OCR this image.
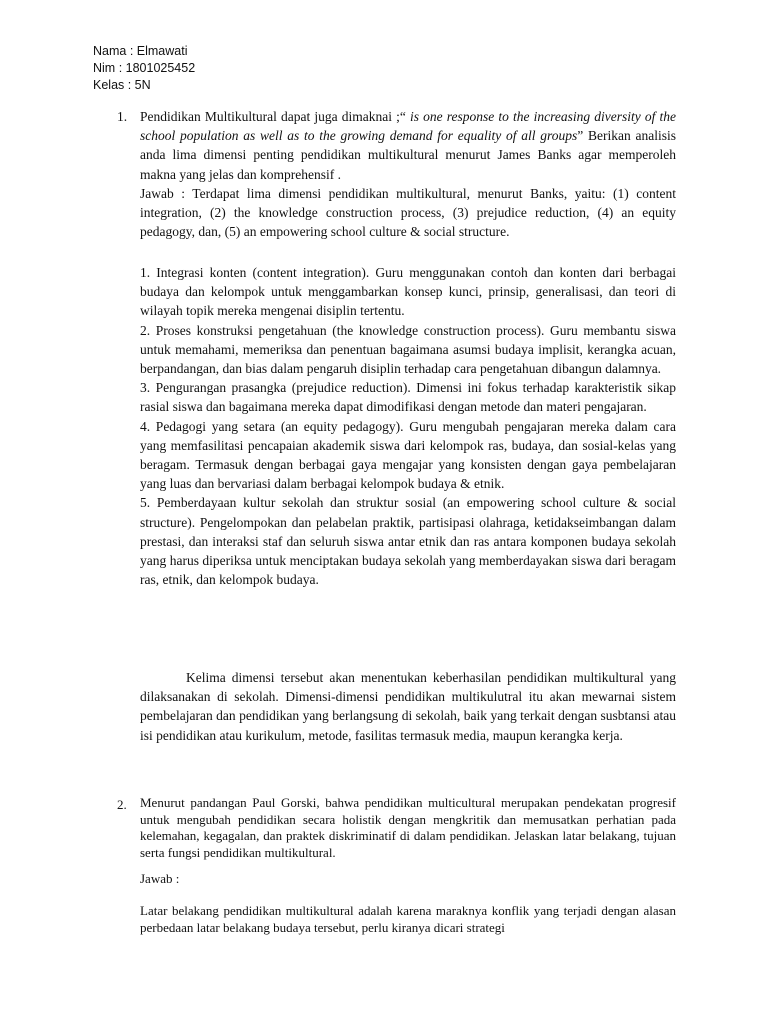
Nama : Elmawati
Nim : 1801025452
Kelas : 5N
1. Pendidikan Multikultural dapat juga dimaknai ;“ is one response to the increasing diversity of the school population as well as to the growing demand for equality of all groups” Berikan analisis anda lima dimensi penting pendidikan multikultural menurut James Banks agar memperoleh makna yang jelas dan komprehensif .

Jawab : Terdapat lima dimensi pendidikan multikultural, menurut Banks, yaitu: (1) content integration, (2) the knowledge construction process, (3) prejudice reduction, (4) an equity pedagogy, dan, (5) an empowering school culture & social structure.

1. Integrasi konten (content integration). Guru menggunakan contoh dan konten dari berbagai budaya dan kelompok untuk menggambarkan konsep kunci, prinsip, generalisasi, dan teori di wilayah topik mereka mengenai disiplin tertentu.

2. Proses konstruksi pengetahuan (the knowledge construction process). Guru membantu siswa untuk memahami, memeriksa dan penentuan bagaimana asumsi budaya implisit, kerangka acuan, berpandangan, dan bias dalam pengaruh disiplin terhadap cara pengetahuan dibangun dalamnya.

3. Pengurangan prasangka (prejudice reduction). Dimensi ini fokus terhadap karakteristik sikap rasial siswa dan bagaimana mereka dapat dimodifikasi dengan metode dan materi pengajaran.

4. Pedagogi yang setara (an equity pedagogy). Guru mengubah pengajaran mereka dalam cara yang memfasilitasi pencapaian akademik siswa dari kelompok ras, budaya, dan sosial-kelas yang beragam. Termasuk dengan berbagai gaya mengajar yang konsisten dengan gaya pembelajaran yang luas dan bervariasi dalam berbagai kelompok budaya & etnik.

5. Pemberdayaan kultur sekolah dan struktur sosial (an empowering school culture & social structure). Pengelompokan dan pelabelan praktik, partisipasi olahraga, ketidakseimbangan dalam prestasi, dan interaksi staf dan seluruh siswa antar etnik dan ras antara komponen budaya sekolah yang harus diperiksa untuk menciptakan budaya sekolah yang memberdayakan siswa dari beragam ras, etnik, dan kelompok budaya.

Kelima dimensi tersebut akan menentukan keberhasilan pendidikan multikultural yang dilaksanakan di sekolah. Dimensi-dimensi pendidikan multikulutral itu akan mewarnai sistem pembelajaran dan pendidikan yang berlangsung di sekolah, baik yang terkait dengan susbtansi atau isi pendidikan atau kurikulum, metode, fasilitas termasuk media, maupun kerangka kerja.

2. Menurut pandangan Paul Gorski, bahwa pendidikan multicultural merupakan pendekatan progresif untuk mengubah pendidikan secara holistik dengan mengkritik dan memusatkan perhatian pada kelemahan, kegagalan, dan praktek diskriminatif di dalam pendidikan. Jelaskan latar belakang, tujuan serta fungsi pendidikan multikultural.

Jawab :

Latar belakang pendidikan multikultural adalah karena maraknya konflik yang terjadi dengan alasan perbedaan latar belakang budaya tersebut, perlu kiranya dicari strategi
